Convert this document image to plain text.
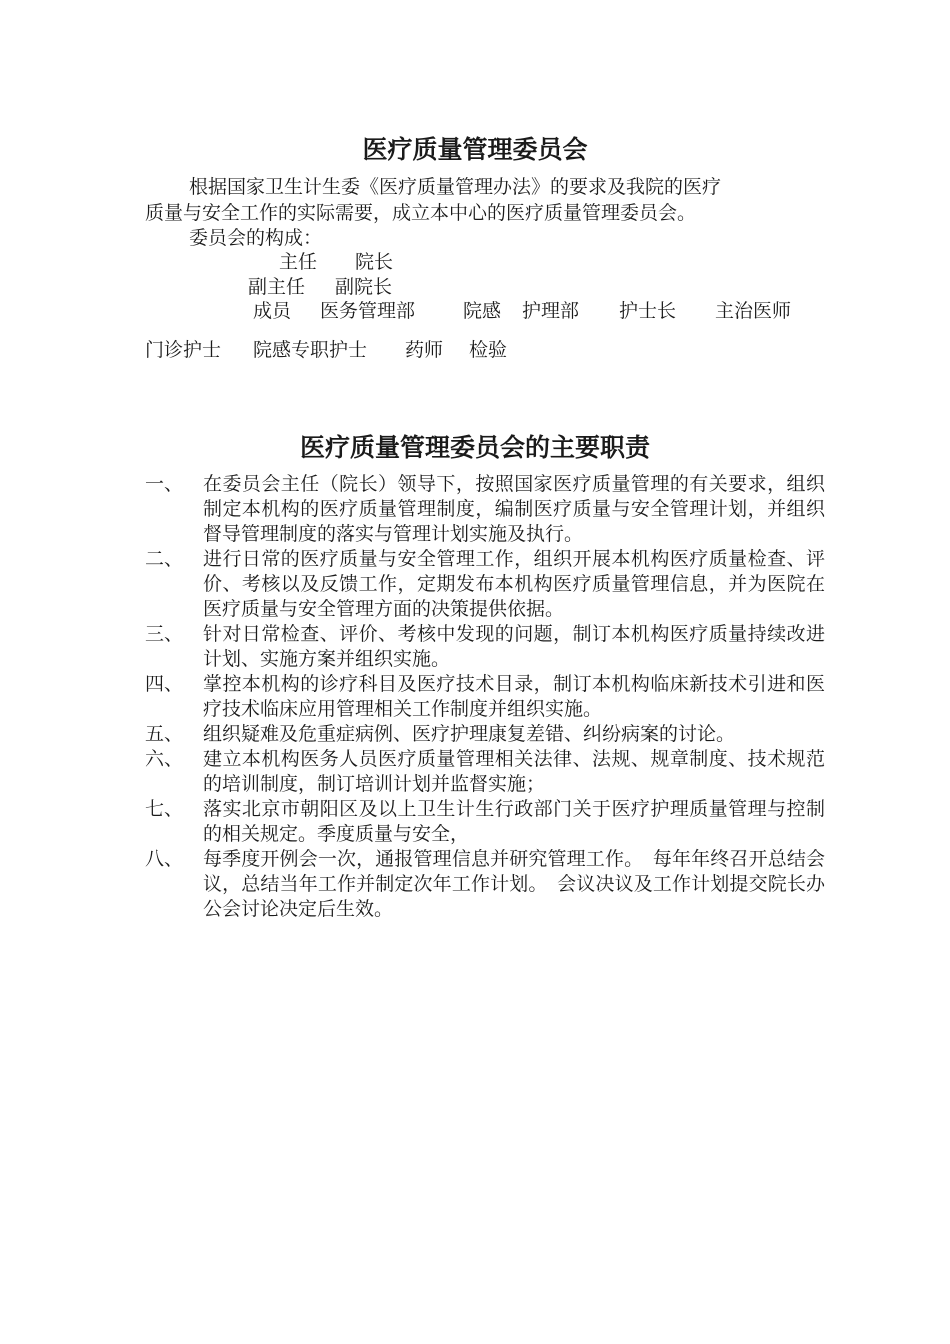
医疗质量管理委员会
根据国家卫生计生委《医疗质量管理办法》的要求及我院的医疗
质量与安全工作的实际需要，成立本中心的医疗质量管理委员会。
委员会的构成：
主任 院长
副主任 副院长
成员 医务管理部	院感 护理部 护士长 主治医师
门诊护士 院感专职护士 药师 检验
医疗质量管理委员会的主要职责
一、	在委员会主任（院长）领导下，按照国家医疗质量管理的有关要求，组织制定本机构的医疗质量管理制度，编制医疗质量与安全管理计划，并组织督导管理制度的落实与管理计划实施及执行。
二、	进行日常的医疗质量与安全管理工作，组织开展本机构医疗质量检查、评价、考核以及反馈工作，定期发布本机构医疗质量管理信息，并为医院在医疗质量与安全管理方面的决策提供依据。
三、	针对日常检查、评价、考核中发现的问题，制订本机构医疗质量持续改进计划、实施方案并组织实施。
四、	掌控本机构的诊疗科目及医疗技术目录，制订本机构临床新技术引进和医疗技术临床应用管理相关工作制度并组织实施。
五、	组织疑难及危重症病例、医疗护理康复差错、纠纷病案的讨论。
六、	建立本机构医务人员医疗质量管理相关法律、法规、规章制度、技术规范的培训制度，制订培训计划并监督实施；
七、	落实北京市朝阳区及以上卫生计生行政部门关于医疗护理质量管理与控制的相关规定。季度质量与安全，
八、	每季度开例会一次，通报管理信息并研究管理工作。　每年年终召开总结会议，总结当年工作并制定次年工作计划。　会议决议及工作计划提交院长办公会讨论决定后生效。
